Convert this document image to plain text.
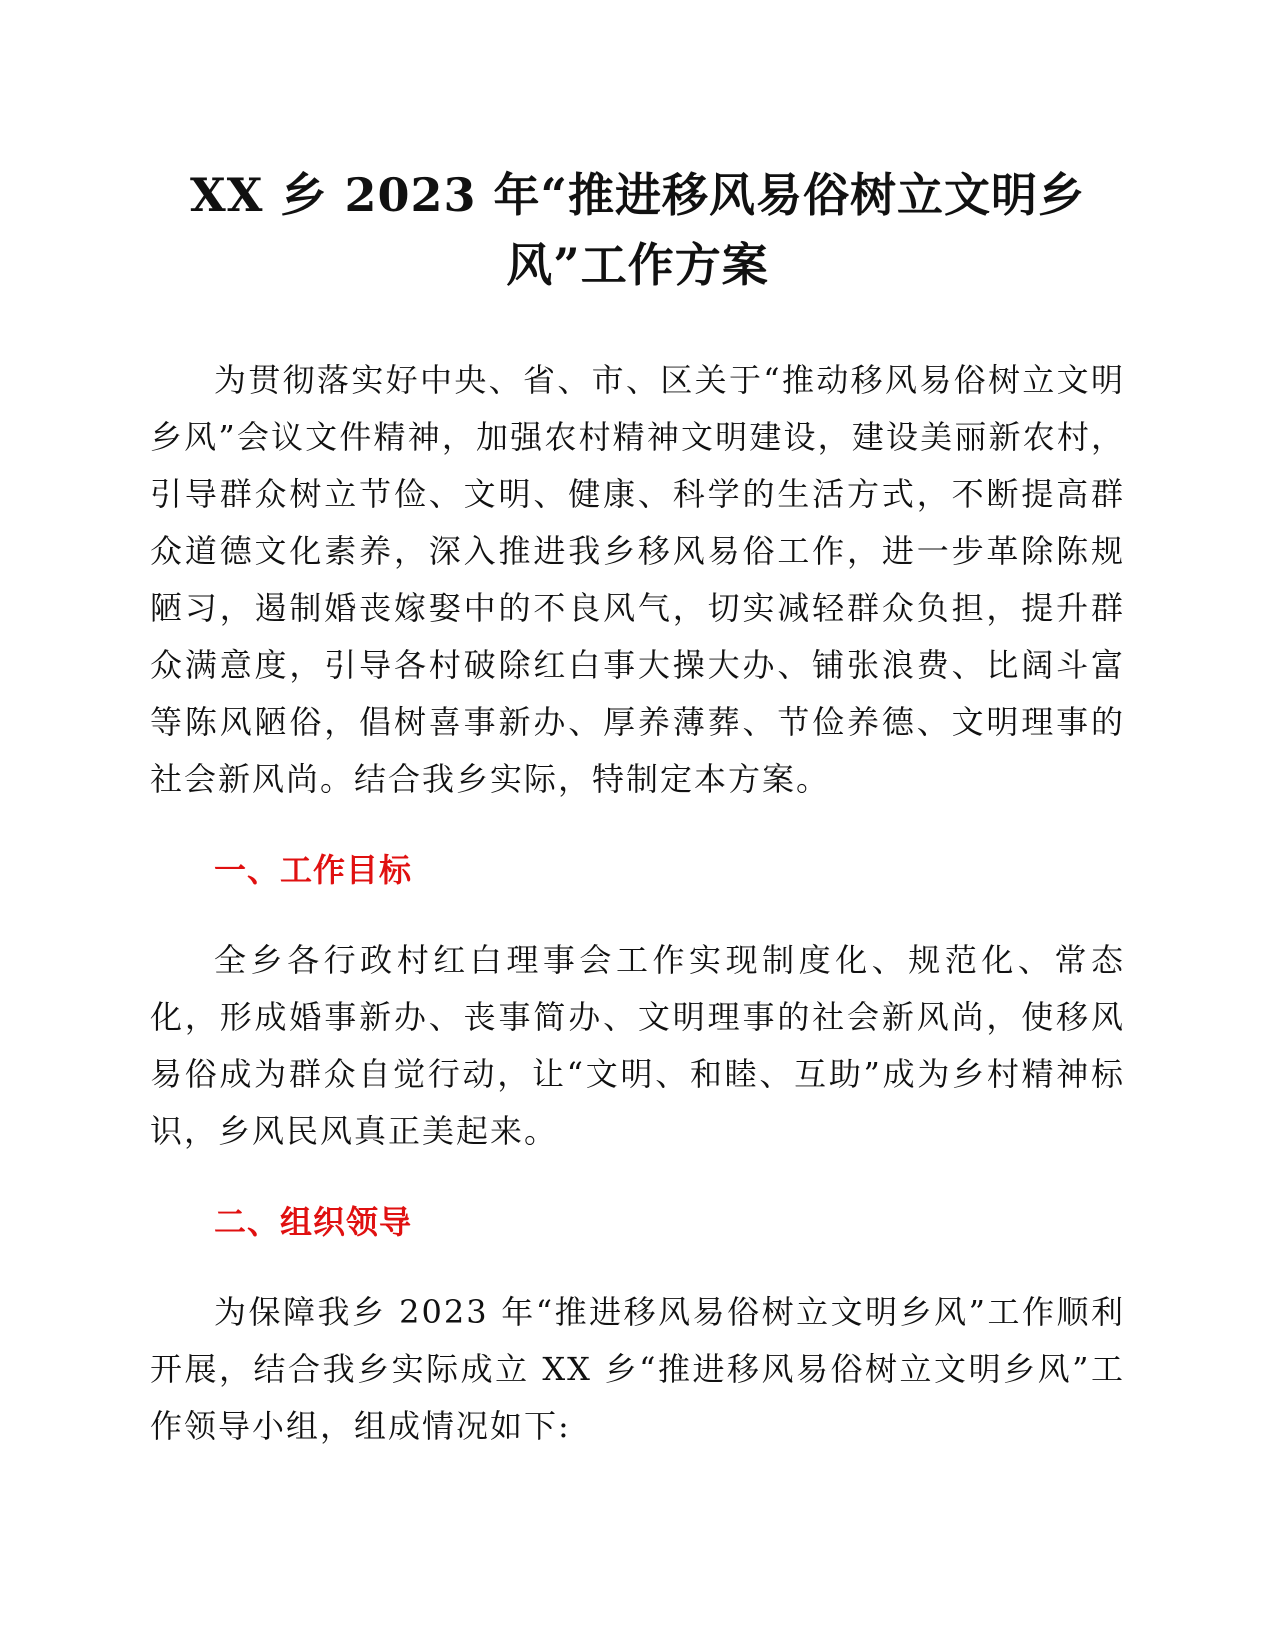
XX 乡 2023 年“推进移风易俗树立文明乡风”工作方案

为贯彻落实好中央、省、市、区关于“推动移风易俗树立文明乡风”会议文件精神，加强农村精神文明建设，建设美丽新农村，引导群众树立节俭、文明、健康、科学的生活方式，不断提高群众道德文化素养，深入推进我乡移风易俗工作，进一步革除陈规陋习，遏制婚丧嫁娶中的不良风气，切实减轻群众负担，提升群众满意度，引导各村破除红白事大操大办、铺张浪费、比阔斗富等陈风陋俗，倡树喜事新办、厚养薄葬、节俭养德、文明理事的社会新风尚。结合我乡实际，特制定本方案。

一、工作目标

全乡各行政村红白理事会工作实现制度化、规范化、常态化，形成婚事新办、丧事简办、文明理事的社会新风尚，使移风易俗成为群众自觉行动，让“文明、和睦、互助”成为乡村精神标识，乡风民风真正美起来。

二、组织领导

为保障我乡 2023 年“推进移风易俗树立文明乡风”工作顺利开展，结合我乡实际成立 XX 乡“推进移风易俗树立文明乡风”工作领导小组，组成情况如下:
